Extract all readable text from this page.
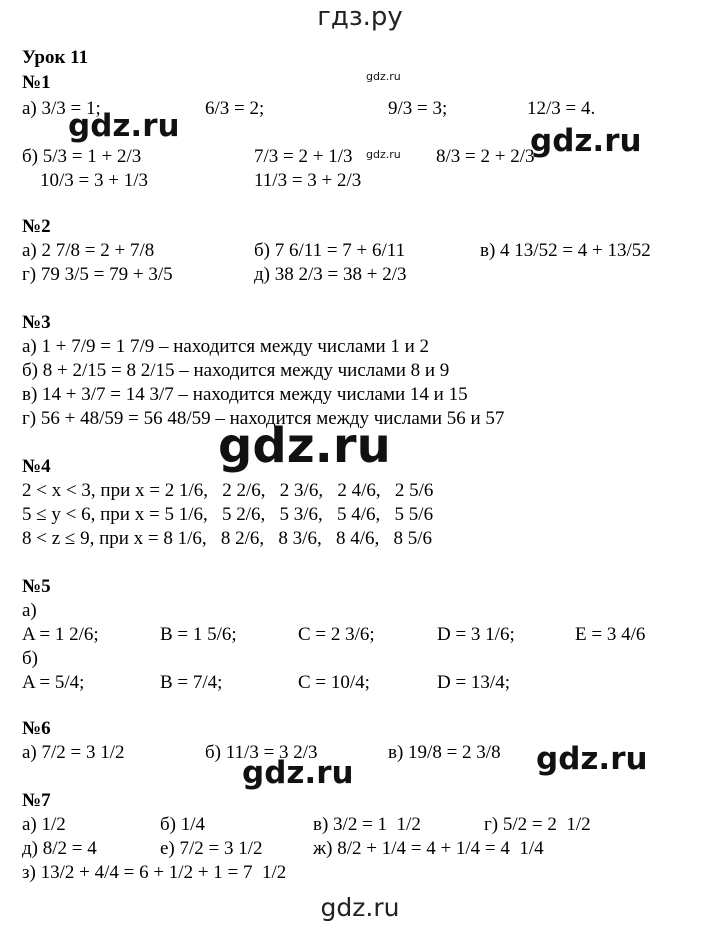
гдз.ру
Урок 11
№1
а) 3/3 = 1;	6/3 = 2;	9/3 = 3;	12/3 = 4.
б) 5/3 = 1 + 2/3	7/3 = 2 + 1/3	8/3 = 2 + 2/3
10/3 = 3 + 1/3	11/3 = 3 + 2/3
№2
а) 2 7/8 = 2 + 7/8	б) 7 6/11 = 7 + 6/11	в) 4 13/52 = 4 + 13/52
г) 79 3/5 = 79 + 3/5	д) 38 2/3 = 38 + 2/3
№3
а) 1 + 7/9 = 1 7/9 – находится между числами 1 и 2
б) 8 + 2/15 = 8 2/15 – находится между числами 8 и 9
в) 14 + 3/7 = 14 3/7 – находится между числами 14 и 15
г) 56 + 48/59 = 56 48/59 – находится между числами 56 и 57
№4
2 < x < 3, при x = 2 1/6,   2 2/6,   2 3/6,   2 4/6,   2 5/6
5 ≤ y < 6, при x = 5 1/6,   5 2/6,   5 3/6,   5 4/6,   5 5/6
8 < z ≤ 9, при x = 8 1/6,   8 2/6,   8 3/6,   8 4/6,   8 5/6
№5
а)
A = 1 2/6;	B = 1 5/6;	C = 2 3/6;	D = 3 1/6;	E = 3 4/6
б)
A = 5/4;	B = 7/4;	C = 10/4;	D = 13/4;
№6
а) 7/2 = 3 1/2	б) 11/3 = 3 2/3	в) 19/8 = 2 3/8
№7
а) 1/2	б) 1/4	в) 3/2 = 1  1/2	г) 5/2 = 2  1/2
д) 8/2 = 4	е) 7/2 = 3 1/2	ж) 8/2 + 1/4 = 4 + 1/4 = 4  1/4
з) 13/2 + 4/4 = 6 + 1/2 + 1 = 7  1/2
gdz.ru
gdz.ru
gdz.ru	gdz.ru
gdz.ru
gdz.ru	gdz.ru
gdz.ru
